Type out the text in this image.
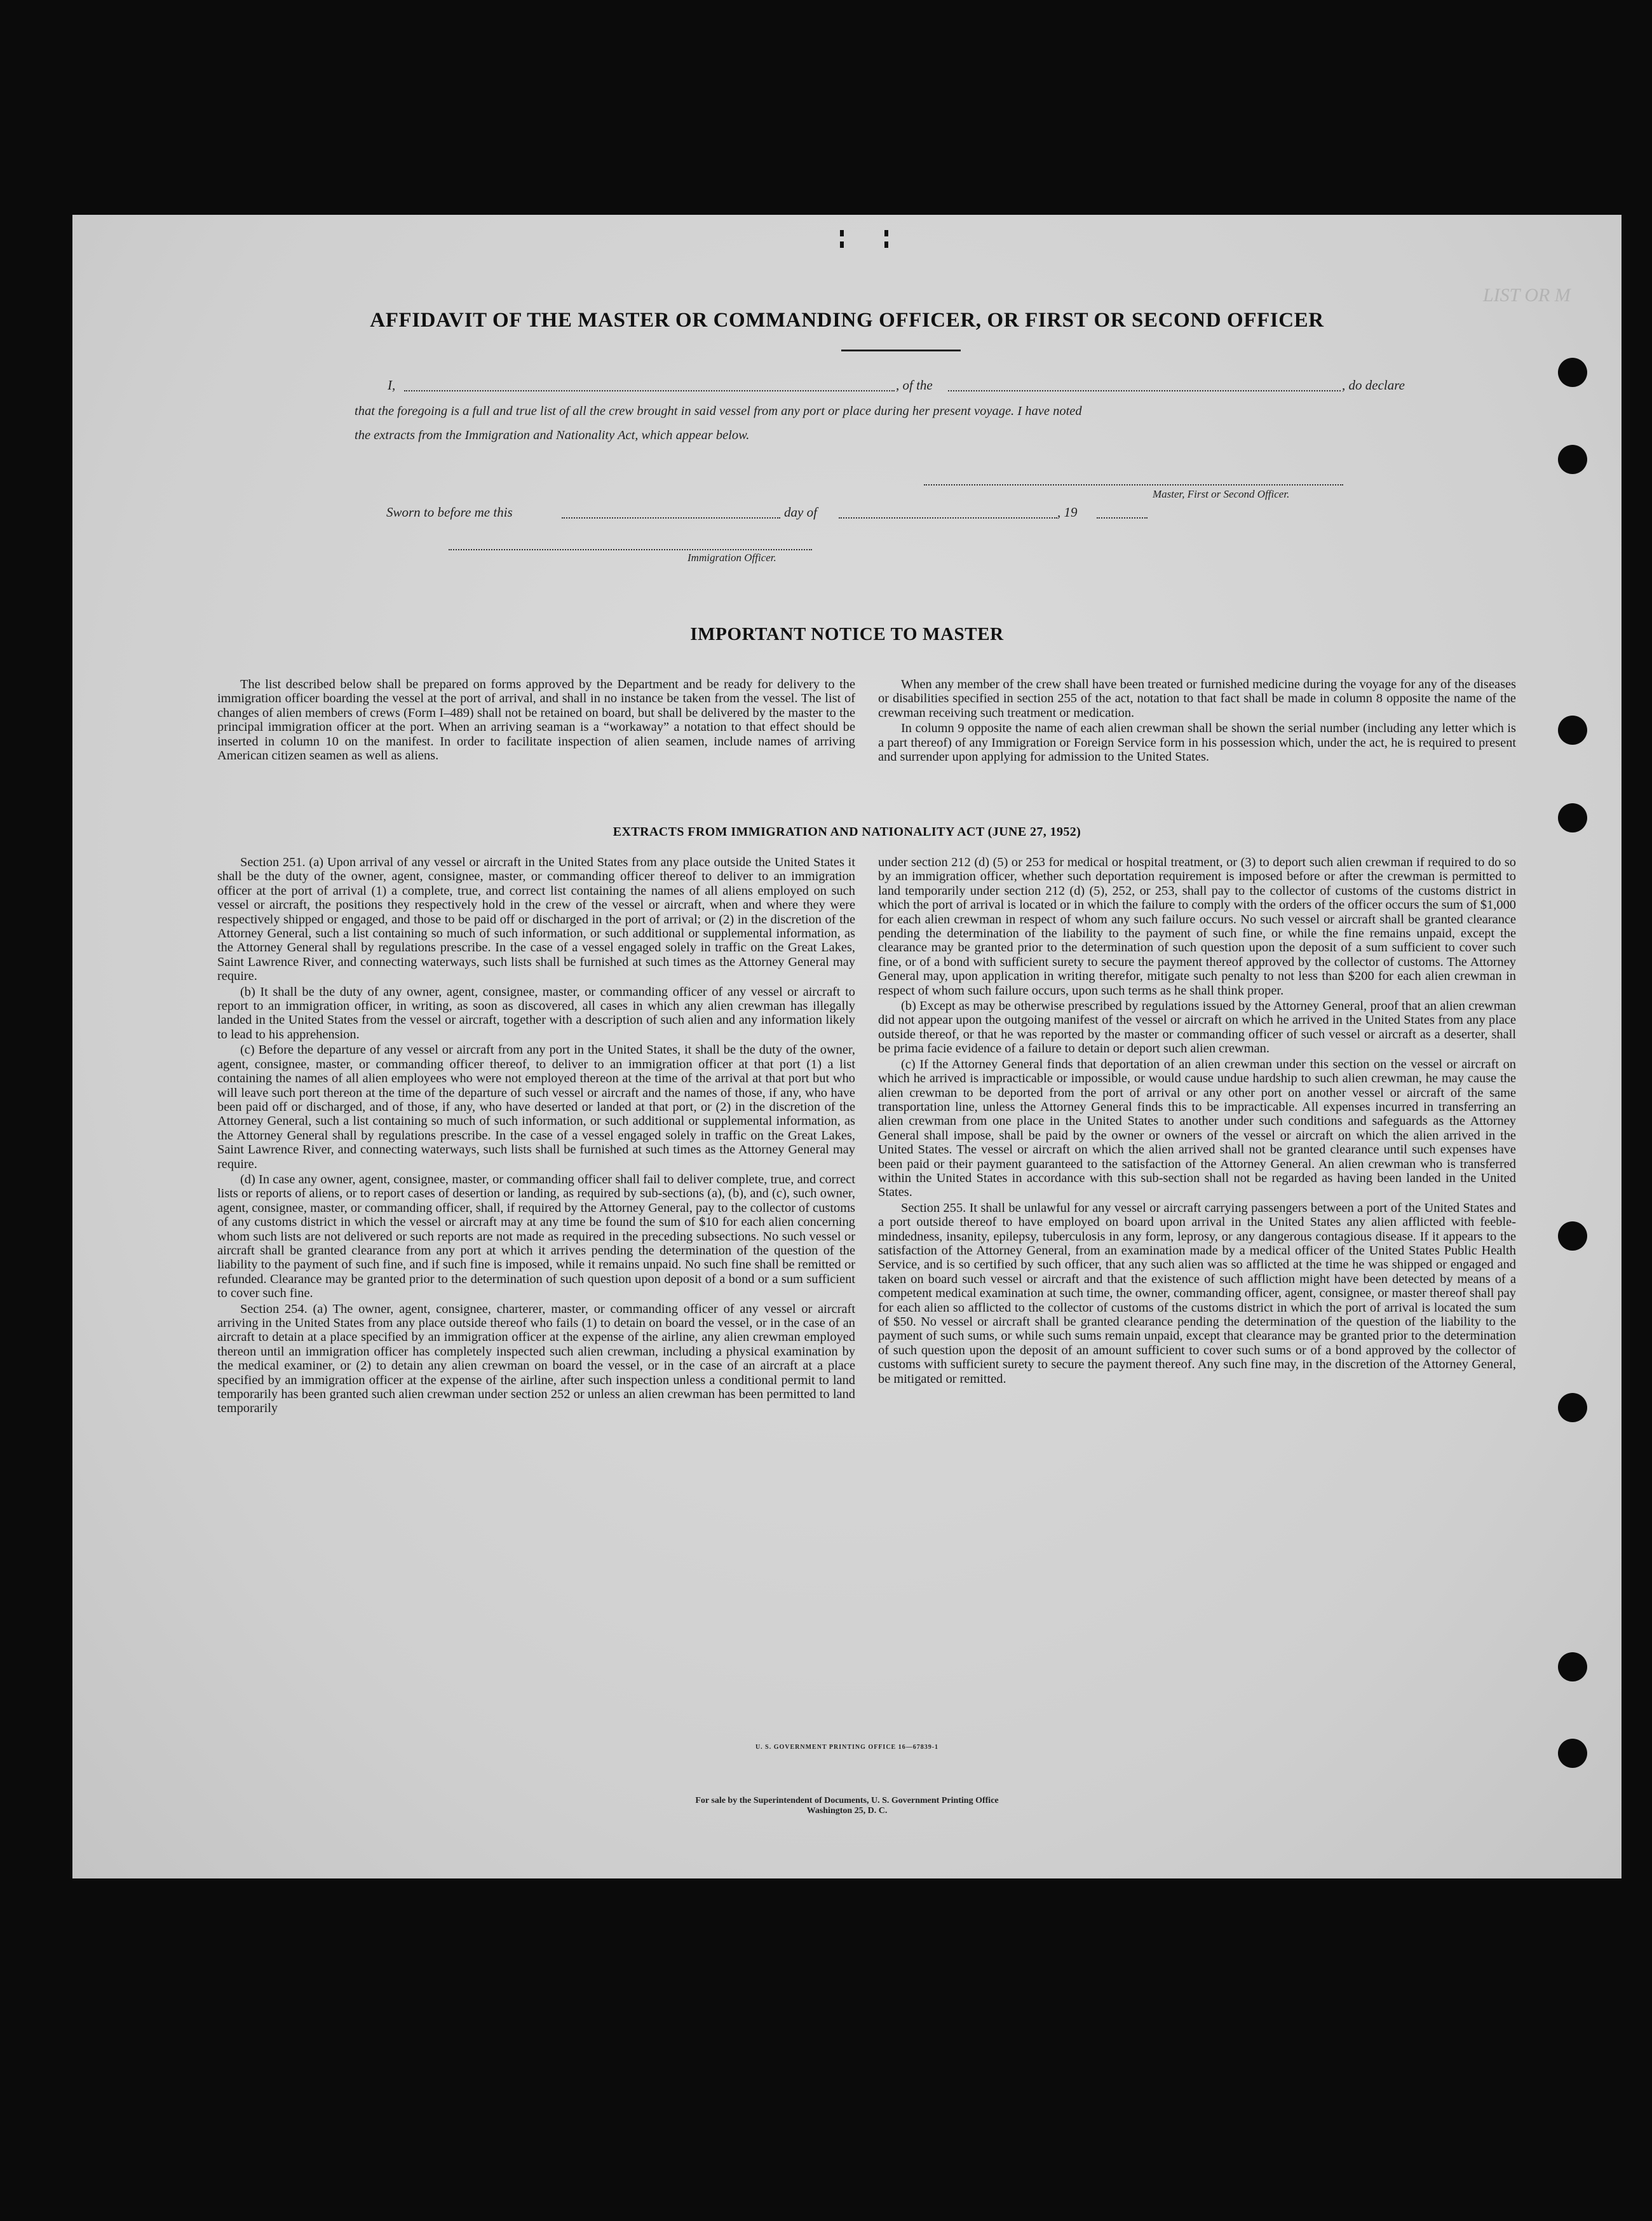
LIST OR M
AFFIDAVIT OF THE MASTER OR COMMANDING OFFICER, OR FIRST OR SECOND OFFICER
I,	, of the	, do declare
that the foregoing is a full and true list of all the crew brought in said vessel from any port or place during her present voyage. I have noted
the extracts from the Immigration and Nationality Act, which appear below.
Master, First or Second Officer.
Sworn to before me this	day of	, 19
Immigration Officer.
IMPORTANT NOTICE TO MASTER

The list described below shall be prepared on forms approved by the Department and be ready for delivery to the immigration officer boarding the vessel at the port of arrival, and shall in no instance be taken from the vessel. The list of changes of alien members of crews (Form I–489) shall not be retained on board, but shall be delivered by the master to the principal immigration officer at the port. When an arriving seaman is a “workaway” a notation to that effect should be inserted in column 10 on the manifest. In order to facilitate inspection of alien seamen, include names of arriving American citizen seamen as well as aliens.

When any member of the crew shall have been treated or furnished medicine during the voyage for any of the diseases or disabilities specified in section 255 of the act, notation to that fact shall be made in column 8 opposite the name of the crewman receiving such treatment or medication.

In column 9 opposite the name of each alien crewman shall be shown the serial number (including any letter which is a part thereof) of any Immigration or Foreign Service form in his possession which, under the act, he is required to present and surrender upon applying for admission to the United States.

EXTRACTS FROM IMMIGRATION AND NATIONALITY ACT (JUNE 27, 1952)

Section 251. (a) Upon arrival of any vessel or aircraft in the United States from any place outside the United States it shall be the duty of the owner, agent, consignee, master, or commanding officer thereof to deliver to an immigration officer at the port of arrival (1) a complete, true, and correct list containing the names of all aliens employed on such vessel or aircraft, the positions they respectively hold in the crew of the vessel or aircraft, when and where they were respectively shipped or engaged, and those to be paid off or discharged in the port of arrival; or (2) in the discretion of the Attorney General, such a list containing so much of such information, or such additional or supplemental information, as the Attorney General shall by regulations prescribe. In the case of a vessel engaged solely in traffic on the Great Lakes, Saint Lawrence River, and connecting waterways, such lists shall be furnished at such times as the Attorney General may require.

(b) It shall be the duty of any owner, agent, consignee, master, or commanding officer of any vessel or aircraft to report to an immigration officer, in writing, as soon as discovered, all cases in which any alien crewman has illegally landed in the United States from the vessel or aircraft, together with a description of such alien and any information likely to lead to his apprehension.

(c) Before the departure of any vessel or aircraft from any port in the United States, it shall be the duty of the owner, agent, consignee, master, or commanding officer thereof, to deliver to an immigration officer at that port (1) a list containing the names of all alien employees who were not employed thereon at the time of the arrival at that port but who will leave such port thereon at the time of the departure of such vessel or aircraft and the names of those, if any, who have been paid off or discharged, and of those, if any, who have deserted or landed at that port, or (2) in the discretion of the Attorney General, such a list containing so much of such information, or such additional or supplemental information, as the Attorney General shall by regulations prescribe. In the case of a vessel engaged solely in traffic on the Great Lakes, Saint Lawrence River, and connecting waterways, such lists shall be furnished at such times as the Attorney General may require.

(d) In case any owner, agent, consignee, master, or commanding officer shall fail to deliver complete, true, and correct lists or reports of aliens, or to report cases of desertion or landing, as required by sub-sections (a), (b), and (c), such owner, agent, consignee, master, or commanding officer, shall, if required by the Attorney General, pay to the collector of customs of any customs district in which the vessel or aircraft may at any time be found the sum of $10 for each alien concerning whom such lists are not delivered or such reports are not made as required in the preceding subsections. No such vessel or aircraft shall be granted clearance from any port at which it arrives pending the determination of the question of the liability to the payment of such fine, and if such fine is imposed, while it remains unpaid. No such fine shall be remitted or refunded. Clearance may be granted prior to the determination of such question upon deposit of a bond or a sum sufficient to cover such fine.

Section 254. (a) The owner, agent, consignee, charterer, master, or commanding officer of any vessel or aircraft arriving in the United States from any place outside thereof who fails (1) to detain on board the vessel, or in the case of an aircraft to detain at a place specified by an immigration officer at the expense of the airline, any alien crewman employed thereon until an immigration officer has completely inspected such alien crewman, including a physical examination by the medical examiner, or (2) to detain any alien crewman on board the vessel, or in the case of an aircraft at a place specified by an immigration officer at the expense of the airline, after such inspection unless a conditional permit to land temporarily has been granted such alien crewman under section 252 or unless an alien crewman has been permitted to land temporarily

under section 212 (d) (5) or 253 for medical or hospital treatment, or (3) to deport such alien crewman if required to do so by an immigration officer, whether such deportation requirement is imposed before or after the crewman is permitted to land temporarily under section 212 (d) (5), 252, or 253, shall pay to the collector of customs of the customs district in which the port of arrival is located or in which the failure to comply with the orders of the officer occurs the sum of $1,000 for each alien crewman in respect of whom any such failure occurs. No such vessel or aircraft shall be granted clearance pending the determination of the liability to the payment of such fine, or while the fine remains unpaid, except the clearance may be granted prior to the determination of such question upon the deposit of a sum sufficient to cover such fine, or of a bond with sufficient surety to secure the payment thereof approved by the collector of customs. The Attorney General may, upon application in writing therefor, mitigate such penalty to not less than $200 for each alien crewman in respect of whom such failure occurs, upon such terms as he shall think proper.

(b) Except as may be otherwise prescribed by regulations issued by the Attorney General, proof that an alien crewman did not appear upon the outgoing manifest of the vessel or aircraft on which he arrived in the United States from any place outside thereof, or that he was reported by the master or commanding officer of such vessel or aircraft as a deserter, shall be prima facie evidence of a failure to detain or deport such alien crewman.

(c) If the Attorney General finds that deportation of an alien crewman under this section on the vessel or aircraft on which he arrived is impracticable or impossible, or would cause undue hardship to such alien crewman, he may cause the alien crewman to be deported from the port of arrival or any other port on another vessel or aircraft of the same transportation line, unless the Attorney General finds this to be impracticable. All expenses incurred in transferring an alien crewman from one place in the United States to another under such conditions and safeguards as the Attorney General shall impose, shall be paid by the owner or owners of the vessel or aircraft on which the alien arrived in the United States. The vessel or aircraft on which the alien arrived shall not be granted clearance until such expenses have been paid or their payment guaranteed to the satisfaction of the Attorney General. An alien crewman who is transferred within the United States in accordance with this sub-section shall not be regarded as having been landed in the United States.

Section 255. It shall be unlawful for any vessel or aircraft carrying passengers between a port of the United States and a port outside thereof to have employed on board upon arrival in the United States any alien afflicted with feeble-mindedness, insanity, epilepsy, tuberculosis in any form, leprosy, or any dangerous contagious disease. If it appears to the satisfaction of the Attorney General, from an examination made by a medical officer of the United States Public Health Service, and is so certified by such officer, that any such alien was so afflicted at the time he was shipped or engaged and taken on board such vessel or aircraft and that the existence of such affliction might have been detected by means of a competent medical examination at such time, the owner, commanding officer, agent, consignee, or master thereof shall pay for each alien so afflicted to the collector of customs of the customs district in which the port of arrival is located the sum of $50. No vessel or aircraft shall be granted clearance pending the determination of the question of the liability to the payment of such sums, or while such sums remain unpaid, except that clearance may be granted prior to the determination of such question upon the deposit of an amount sufficient to cover such sums or of a bond approved by the collector of customs with sufficient surety to secure the payment thereof. Any such fine may, in the discretion of the Attorney General, be mitigated or remitted.

U. S. GOVERNMENT PRINTING OFFICE 16—67839-1
For sale by the Superintendent of Documents, U. S. Government Printing Office
Washington 25, D. C.
